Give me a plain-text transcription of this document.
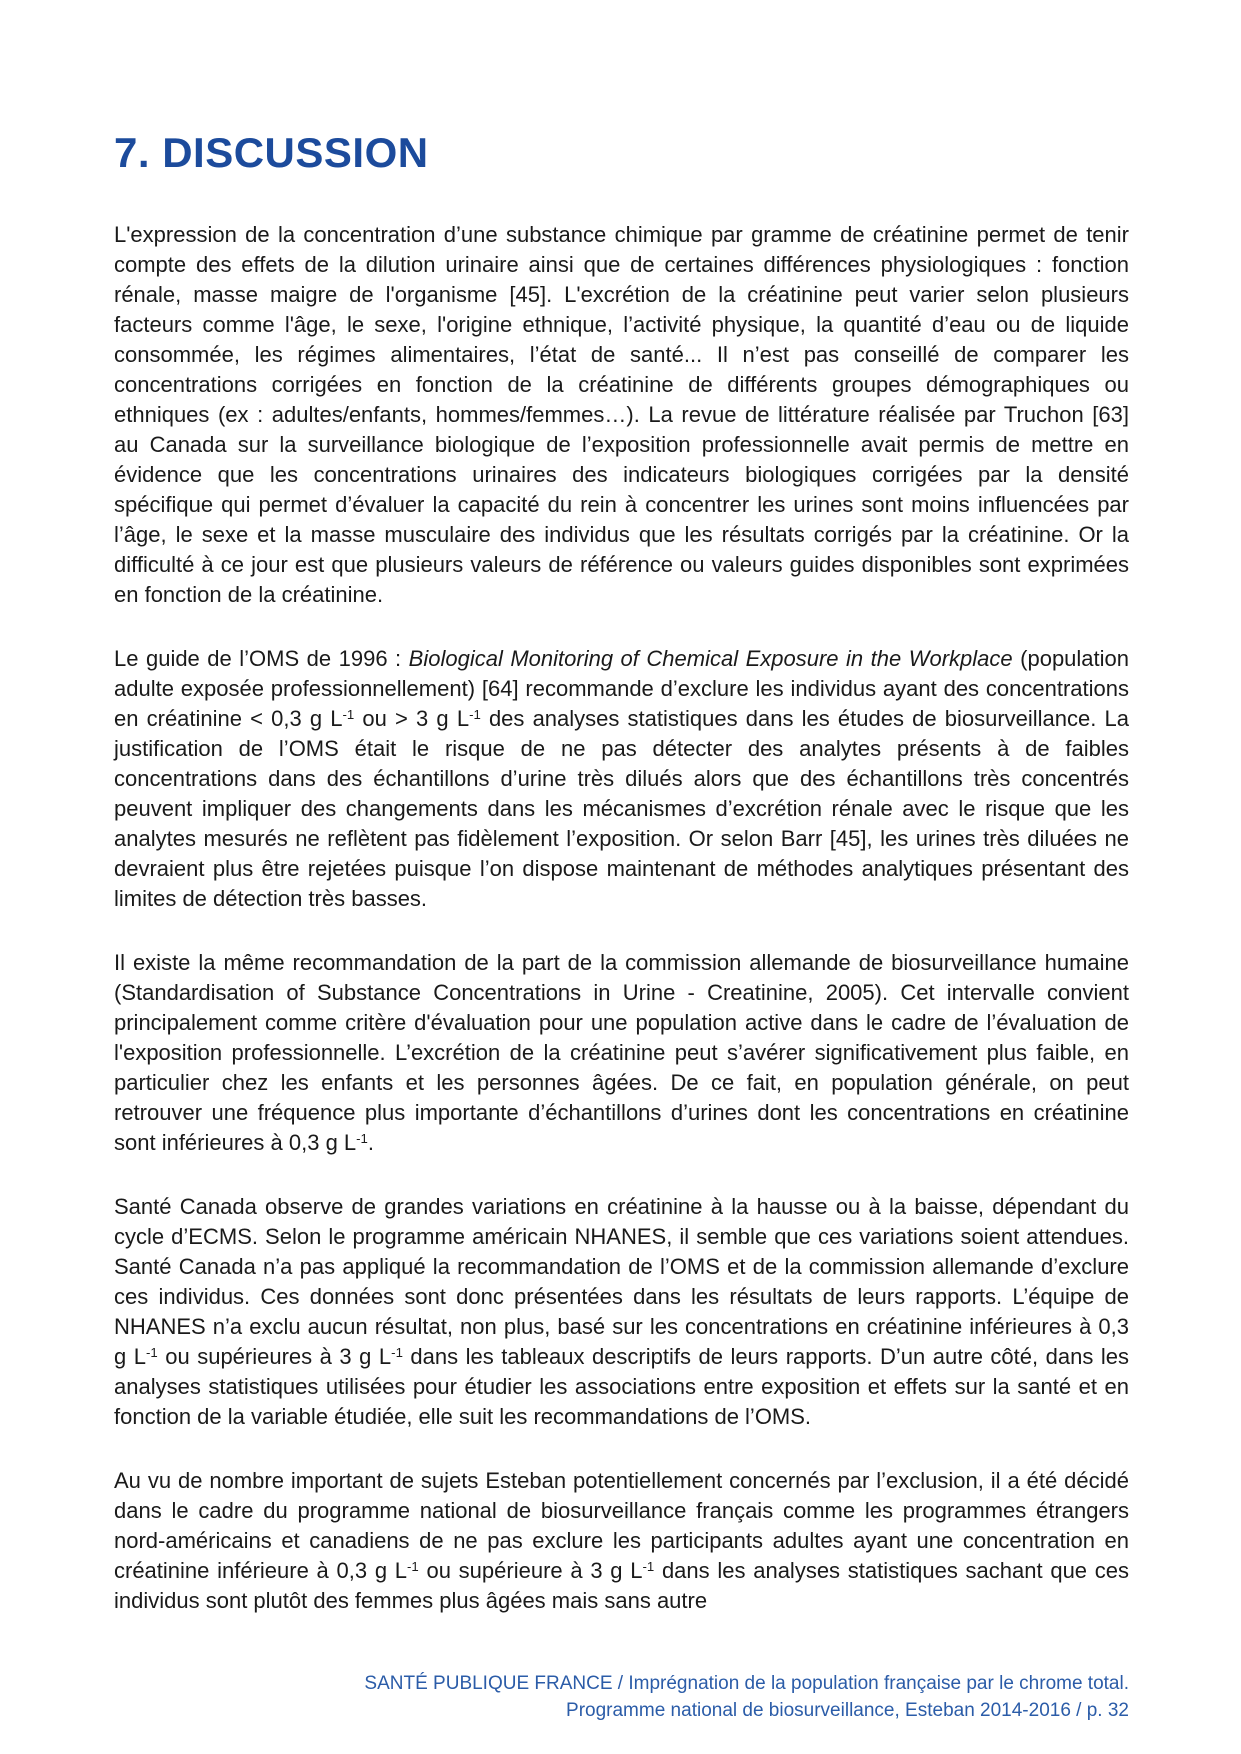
7. DISCUSSION

L'expression de la concentration d’une substance chimique par gramme de créatinine permet de tenir compte des effets de la dilution urinaire ainsi que de certaines différences physiologiques : fonction rénale, masse maigre de l'organisme [45]. L'excrétion de la créatinine peut varier selon plusieurs facteurs comme l'âge, le sexe, l'origine ethnique, l’activité physique, la quantité d’eau ou de liquide consommée, les régimes alimentaires, l’état de santé... Il n’est pas conseillé de comparer les concentrations corrigées en fonction de la créatinine de différents groupes démographiques ou ethniques (ex : adultes/enfants, hommes/femmes…). La revue de littérature réalisée par Truchon [63] au Canada sur la surveillance biologique de l’exposition professionnelle avait permis de mettre en évidence que les concentrations urinaires des indicateurs biologiques corrigées par la densité spécifique qui permet d’évaluer la capacité du rein à concentrer les urines sont moins influencées par l’âge, le sexe et la masse musculaire des individus que les résultats corrigés par la créatinine. Or la difficulté à ce jour est que plusieurs valeurs de référence ou valeurs guides disponibles sont exprimées en fonction de la créatinine.

Le guide de l’OMS de 1996 : Biological Monitoring of Chemical Exposure in the Workplace (population adulte exposée professionnellement) [64] recommande d’exclure les individus ayant des concentrations en créatinine < 0,3 g $L^{-1}$ ou > 3 g $L^{-1}$ des analyses statistiques dans les études de biosurveillance. La justification de l’OMS était le risque de ne pas détecter des analytes présents à de faibles concentrations dans des échantillons d’urine très dilués alors que des échantillons très concentrés peuvent impliquer des changements dans les mécanismes d’excrétion rénale avec le risque que les analytes mesurés ne reflètent pas fidèlement l’exposition. Or selon Barr [45], les urines très diluées ne devraient plus être rejetées puisque l’on dispose maintenant de méthodes analytiques présentant des limites de détection très basses.

Il existe la même recommandation de la part de la commission allemande de biosurveillance humaine (Standardisation of Substance Concentrations in Urine - Creatinine, 2005). Cet intervalle convient principalement comme critère d'évaluation pour une population active dans le cadre de l’évaluation de l'exposition professionnelle. L’excrétion de la créatinine peut s’avérer significativement plus faible, en particulier chez les enfants et les personnes âgées. De ce fait, en population générale, on peut retrouver une fréquence plus importante d’échantillons d’urines dont les concentrations en créatinine sont inférieures à 0,3 g $L^{-1}$.

Santé Canada observe de grandes variations en créatinine à la hausse ou à la baisse, dépendant du cycle d’ECMS. Selon le programme américain NHANES, il semble que ces variations soient attendues. Santé Canada n’a pas appliqué la recommandation de l’OMS et de la commission allemande d’exclure ces individus. Ces données sont donc présentées dans les résultats de leurs rapports. L’équipe de NHANES n’a exclu aucun résultat, non plus, basé sur les concentrations en créatinine inférieures à 0,3 g $L^{-1}$ ou supérieures à 3 g $L^{-1}$ dans les tableaux descriptifs de leurs rapports. D’un autre côté, dans les analyses statistiques utilisées pour étudier les associations entre exposition et effets sur la santé et en fonction de la variable étudiée, elle suit les recommandations de l’OMS.

Au vu de nombre important de sujets Esteban potentiellement concernés par l’exclusion, il a été décidé dans le cadre du programme national de biosurveillance français comme les programmes étrangers nord-américains et canadiens de ne pas exclure les participants adultes ayant une concentration en créatinine inférieure à 0,3 g $L^{-1}$ ou supérieure à 3 g $L^{-1}$ dans les analyses statistiques sachant que ces individus sont plutôt des femmes plus âgées mais sans autre

SANTÉ PUBLIQUE FRANCE / Imprégnation de la population française par le chrome total.
Programme national de biosurveillance, Esteban 2014-2016 / p. 32
